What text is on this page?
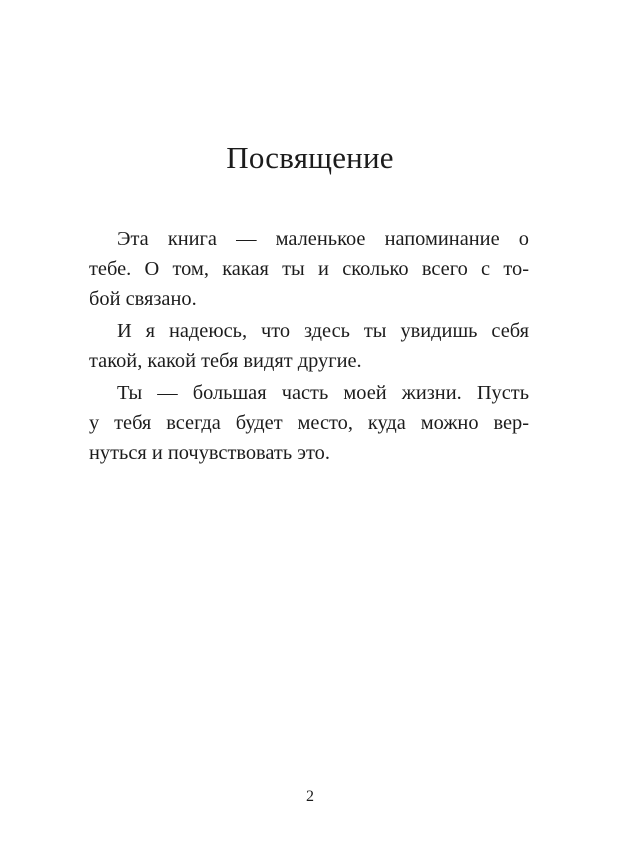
Посвящение
Эта книга — маленькое напоминание о
тебе. О том, какая ты и сколько всего с то-
бой связано.
И я надеюсь, что здесь ты увидишь себя
такой, какой тебя видят другие.
Ты — большая часть моей жизни. Пусть
у тебя всегда будет место, куда можно вер-
нуться и почувствовать это.
2
